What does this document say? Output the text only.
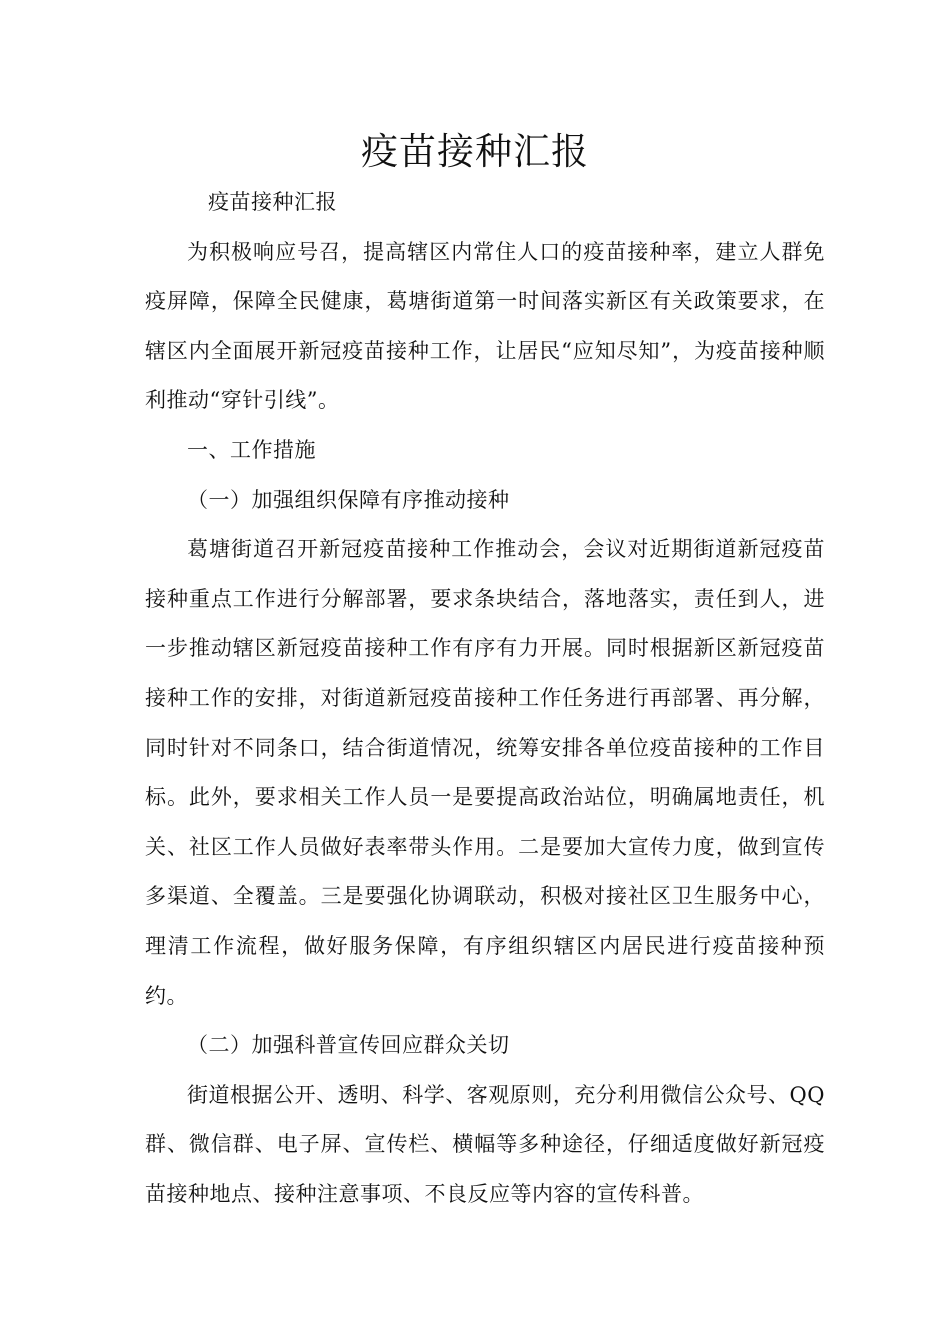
疫苗接种汇报

疫苗接种汇报

为积极响应号召，提高辖区内常住人口的疫苗接种率，建立人群免疫屏障，保障全民健康，葛塘街道第一时间落实新区有关政策要求，在辖区内全面展开新冠疫苗接种工作，让居民“应知尽知”，为疫苗接种顺利推动“穿针引线”。

一、工作措施

（一）加强组织保障有序推动接种

葛塘街道召开新冠疫苗接种工作推动会，会议对近期街道新冠疫苗接种重点工作进行分解部署，要求条块结合，落地落实，责任到人，进一步推动辖区新冠疫苗接种工作有序有力开展。同时根据新区新冠疫苗接种工作的安排，对街道新冠疫苗接种工作任务进行再部署、再分解，同时针对不同条口，结合街道情况，统筹安排各单位疫苗接种的工作目标。此外，要求相关工作人员一是要提高政治站位，明确属地责任，机关、社区工作人员做好表率带头作用。二是要加大宣传力度，做到宣传多渠道、全覆盖。三是要强化协调联动，积极对接社区卫生服务中心，理清工作流程，做好服务保障，有序组织辖区内居民进行疫苗接种预约。

（二）加强科普宣传回应群众关切

街道根据公开、透明、科学、客观原则，充分利用微信公众号、QQ群、微信群、电子屏、宣传栏、横幅等多种途径，仔细适度做好新冠疫苗接种地点、接种注意事项、不良反应等内容的宣传科普。
